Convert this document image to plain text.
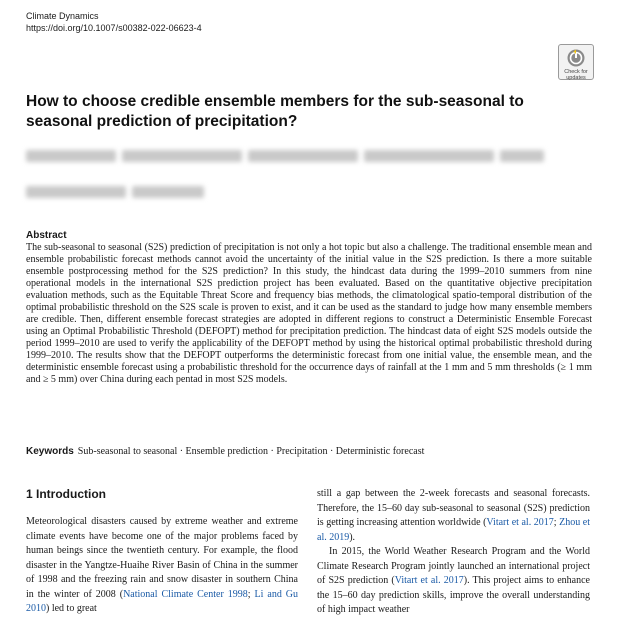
Climate Dynamics
https://doi.org/10.1007/s00382-022-06623-4
Check for
updates
How to choose credible ensemble members for the sub-seasonal to seasonal prediction of precipitation?
Abstract

The sub-seasonal to seasonal (S2S) prediction of precipitation is not only a hot topic but also a challenge. The traditional ensemble mean and ensemble probabilistic forecast methods cannot avoid the uncertainty of the initial value in the S2S prediction. Is there a more suitable ensemble postprocessing method for the S2S prediction? In this study, the hindcast data during the 1999–2010 summers from nine operational models in the international S2S prediction project has been evaluated. Based on the quantitative objective precipitation evaluation methods, such as the Equitable Threat Score and frequency bias methods, the climatological spatio-temporal distribution of the optimal probabilistic threshold on the S2S scale is proven to exist, and it can be used as the standard to judge how many ensemble members are credible. Then, different ensemble forecast strategies are adopted in different regions to construct a Deterministic Ensemble Forecast using an Optimal Probabilistic Threshold (DEFOPT) method for precipitation prediction. The hindcast data of eight S2S models outside the period 1999–2010 are used to verify the applicability of the DEFOPT method by using the historical optimal probabilistic threshold during 1999–2010. The results show that the DEFOPT outperforms the deterministic forecast from one initial value, the ensemble mean, and the deterministic ensemble forecast using a probabilistic threshold for the occurrence days of rainfall at the 1 mm and 5 mm thresholds (≥ 1 mm and ≥ 5 mm) over China during each pentad in most S2S models.

Keywords Sub-seasonal to seasonal · Ensemble prediction · Precipitation · Deterministic forecast
1 Introduction

Meteorological disasters caused by extreme weather and extreme climate events have become one of the major problems faced by human beings since the twentieth century. For example, the flood disaster in the Yangtze-Huaihe River Basin of China in the summer of 1998 and the freezing rain and snow disaster in southern China in the winter of 2008 (National Climate Center 1998; Li and Gu 2010) led to great

still a gap between the 2-week forecasts and seasonal forecasts. Therefore, the 15–60 day sub-seasonal to seasonal (S2S) prediction is getting increasing attention worldwide (Vitart et al. 2017; Zhou et al. 2019).

In 2015, the World Weather Research Program and the World Climate Research Program jointly launched an international project of S2S prediction (Vitart et al. 2017). This project aims to enhance the 15–60 day prediction skills, improve the overall understanding of high impact weather
